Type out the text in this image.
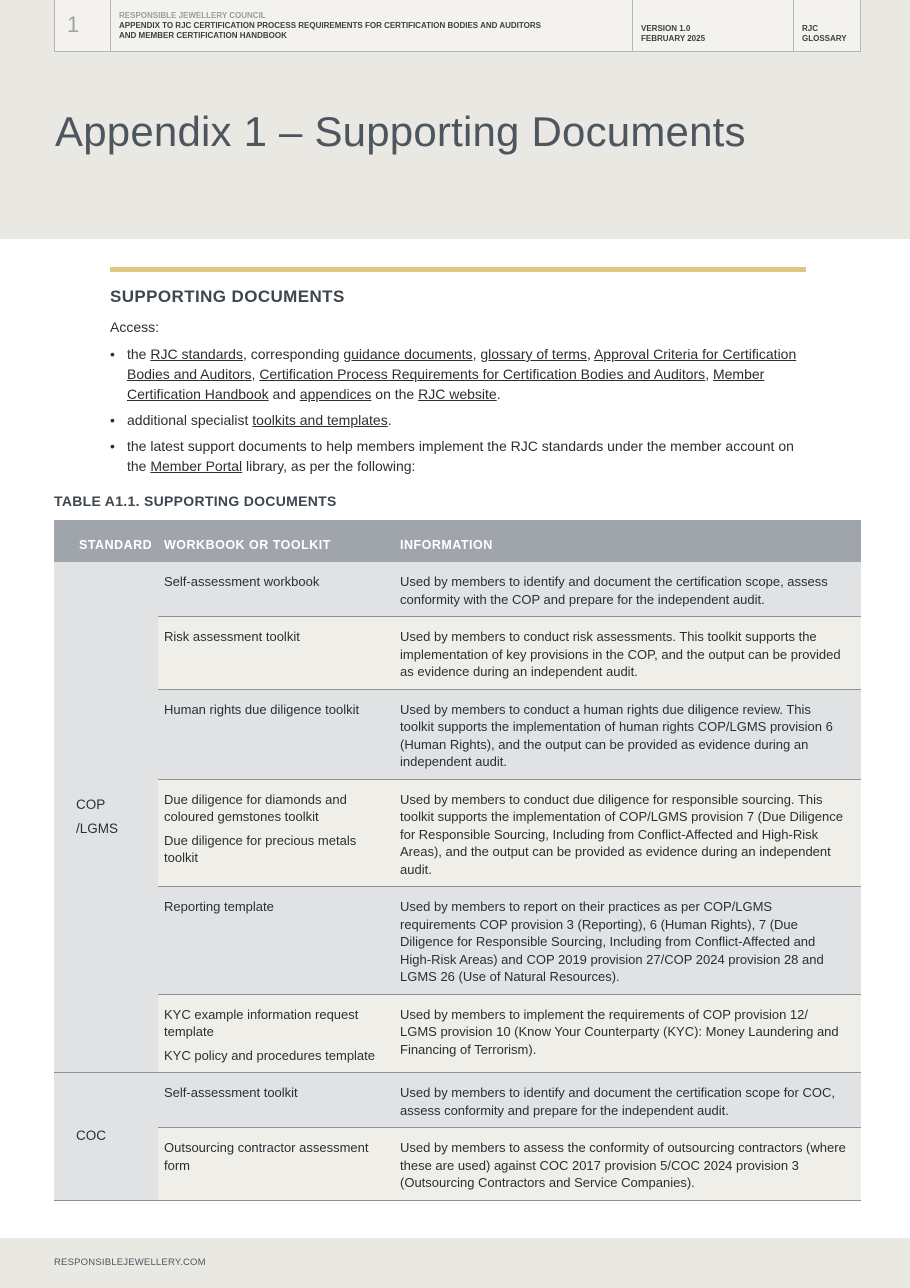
1	RESPONSIBLE JEWELLERY COUNCIL
APPENDIX TO RJC CERTIFICATION PROCESS REQUIREMENTS FOR CERTIFICATION BODIES AND AUDITORS
AND MEMBER CERTIFICATION HANDBOOK
VERSION 1.0
FEBRUARY 2025
RJC
GLOSSARY
Appendix 1 – Supporting Documents
SUPPORTING DOCUMENTS
Access:
• the RJC standards, corresponding guidance documents, glossary of terms, Approval Criteria for Certification Bodies and Auditors, Certification Process Requirements for Certification Bodies and Auditors, Member Certification Handbook and appendices on the RJC website.
• additional specialist toolkits and templates.
• the latest support documents to help members implement the RJC standards under the member account on the Member Portal library, as per the following:
TABLE A1.1. SUPPORTING DOCUMENTS
STANDARD	WORKBOOK OR TOOLKIT	INFORMATION

COP
/LGMS	Self-assessment workbook	Used by members to identify and document the certification scope, assess conformity with the COP and prepare for the independent audit.

	Risk assessment toolkit	Used by members to conduct risk assessments. This toolkit supports the implementation of key provisions in the COP, and the output can be provided as evidence during an independent audit.

	Human rights due diligence toolkit	Used by members to conduct a human rights due diligence review. This toolkit supports the implementation of human rights COP/LGMS provision 6 (Human Rights), and the output can be provided as evidence during an independent audit.

	Due diligence for diamonds and coloured gemstones toolkit
Due diligence for precious metals toolkit	Used by members to conduct due diligence for responsible sourcing. This toolkit supports the implementation of COP/LGMS provision 7 (Due Diligence for Responsible Sourcing, Including from Conflict-Affected and High-Risk Areas), and the output can be provided as evidence during an independent audit.

	Reporting template	Used by members to report on their practices as per COP/LGMS requirements COP provision 3 (Reporting), 6 (Human Rights), 7 (Due Diligence for Responsible Sourcing, Including from Conflict-Affected and High-Risk Areas) and COP 2019 provision 27/COP 2024 provision 28 and LGMS 26 (Use of Natural Resources).

	KYC example information request template
KYC policy and procedures template	Used by members to implement the requirements of COP provision 12/ LGMS provision 10 (Know Your Counterparty (KYC): Money Laundering and Financing of Terrorism).

COC	Self-assessment toolkit	Used by members to identify and document the certification scope for COC, assess conformity and prepare for the independent audit.

	Outsourcing contractor assessment form	Used by members to assess the conformity of outsourcing contractors (where these are used) against COC 2017 provision 5/COC 2024 provision 3 (Outsourcing Contractors and Service Companies).
RESPONSIBLEJEWELLERY.COM
